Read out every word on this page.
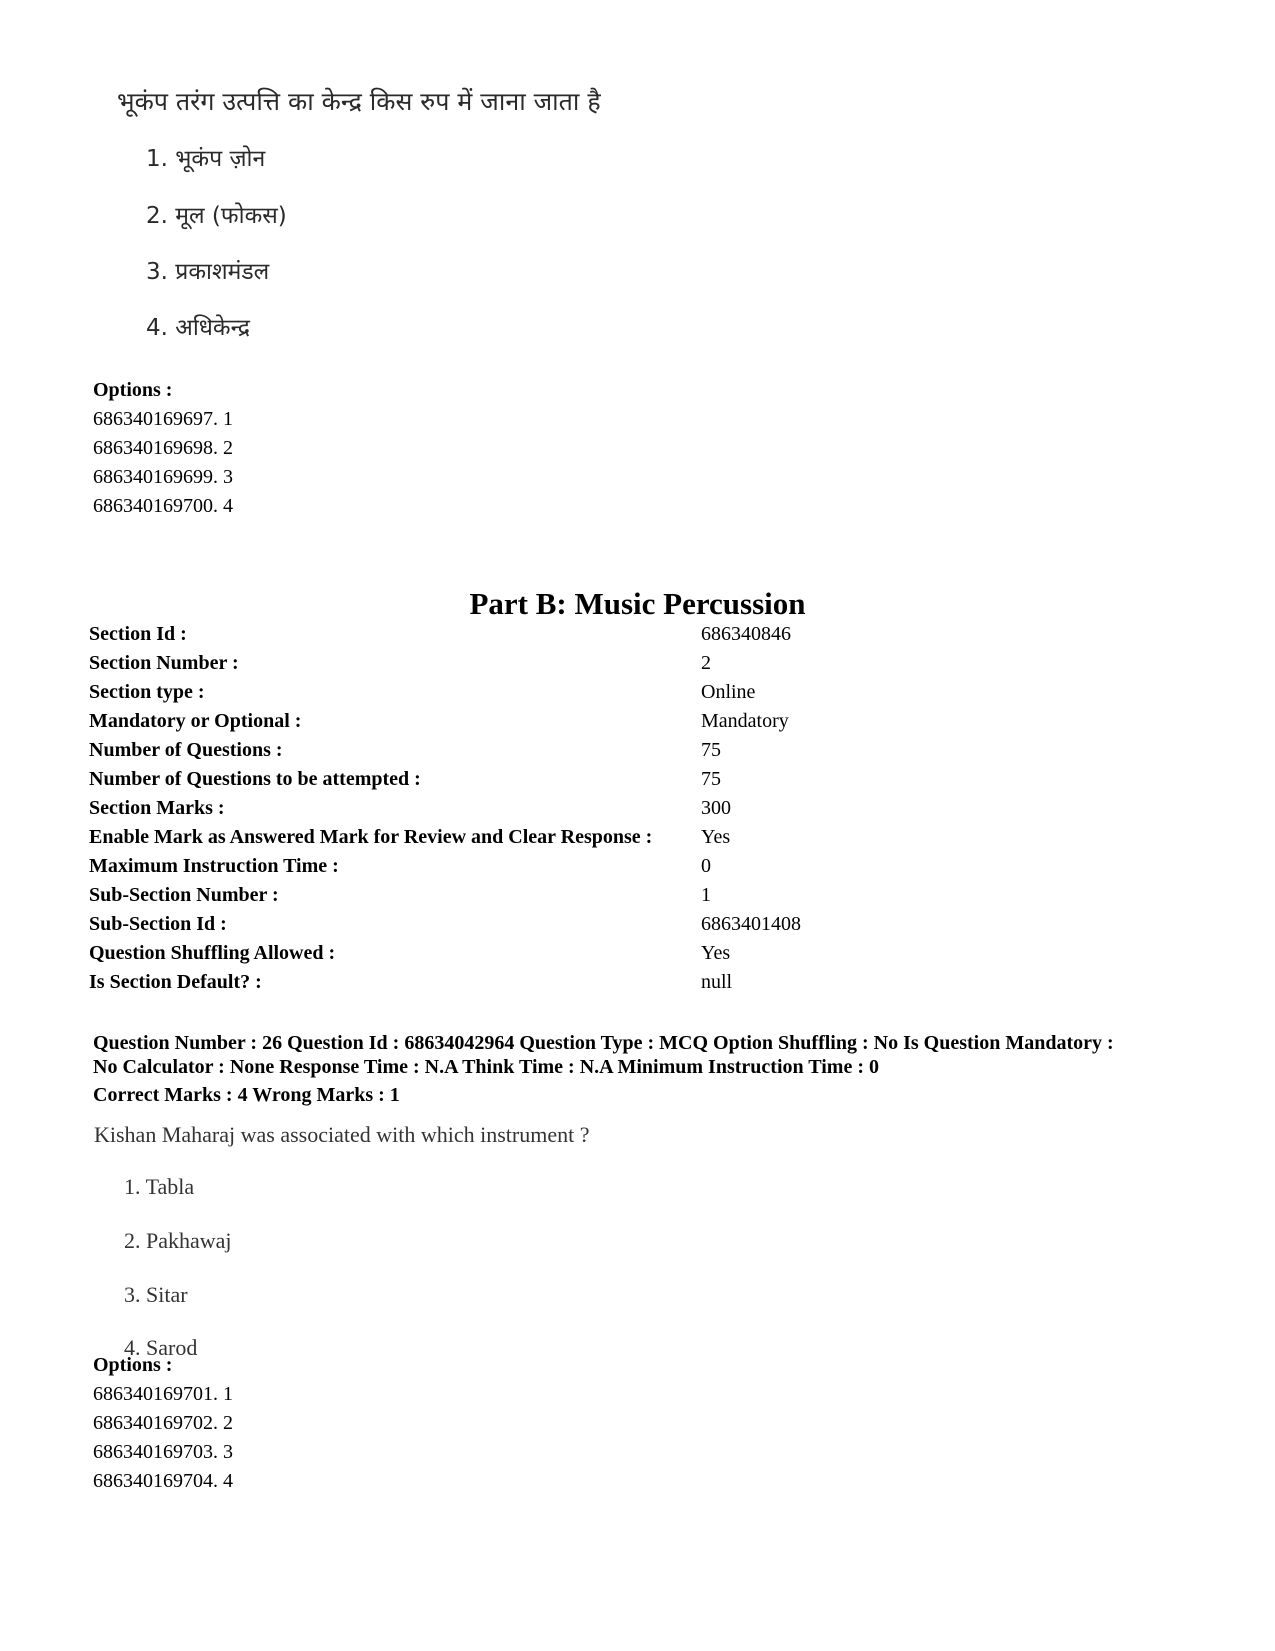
भूकंप तरंग उत्पत्ति का केन्द्र किस रुप में जाना जाता है
1. भूकंप ज़ोन
2. मूल (फोकस)
3. प्रकाशमंडल
4. अधिकेन्द्र
Options :
686340169697. 1
686340169698. 2
686340169699. 3
686340169700. 4
Part B: Music Percussion
Section Id :	686340846
Section Number :	2
Section type :	Online
Mandatory or Optional :	Mandatory
Number of Questions :	75
Number of Questions to be attempted :	75
Section Marks :	300
Enable Mark as Answered Mark for Review and Clear Response : Yes
Maximum Instruction Time :	0
Sub-Section Number :	1
Sub-Section Id :	6863401408
Question Shuffling Allowed :	Yes
Is Section Default? :	null
Question Number : 26 Question Id : 68634042964 Question Type : MCQ Option Shuffling : No Is Question Mandatory :
No Calculator : None Response Time : N.A Think Time : N.A Minimum Instruction Time : 0
Correct Marks : 4 Wrong Marks : 1
Kishan Maharaj was associated with which instrument ?
1. Tabla
2. Pakhawaj
3. Sitar
4. Sarod
Options :
686340169701. 1
686340169702. 2
686340169703. 3
686340169704. 4
